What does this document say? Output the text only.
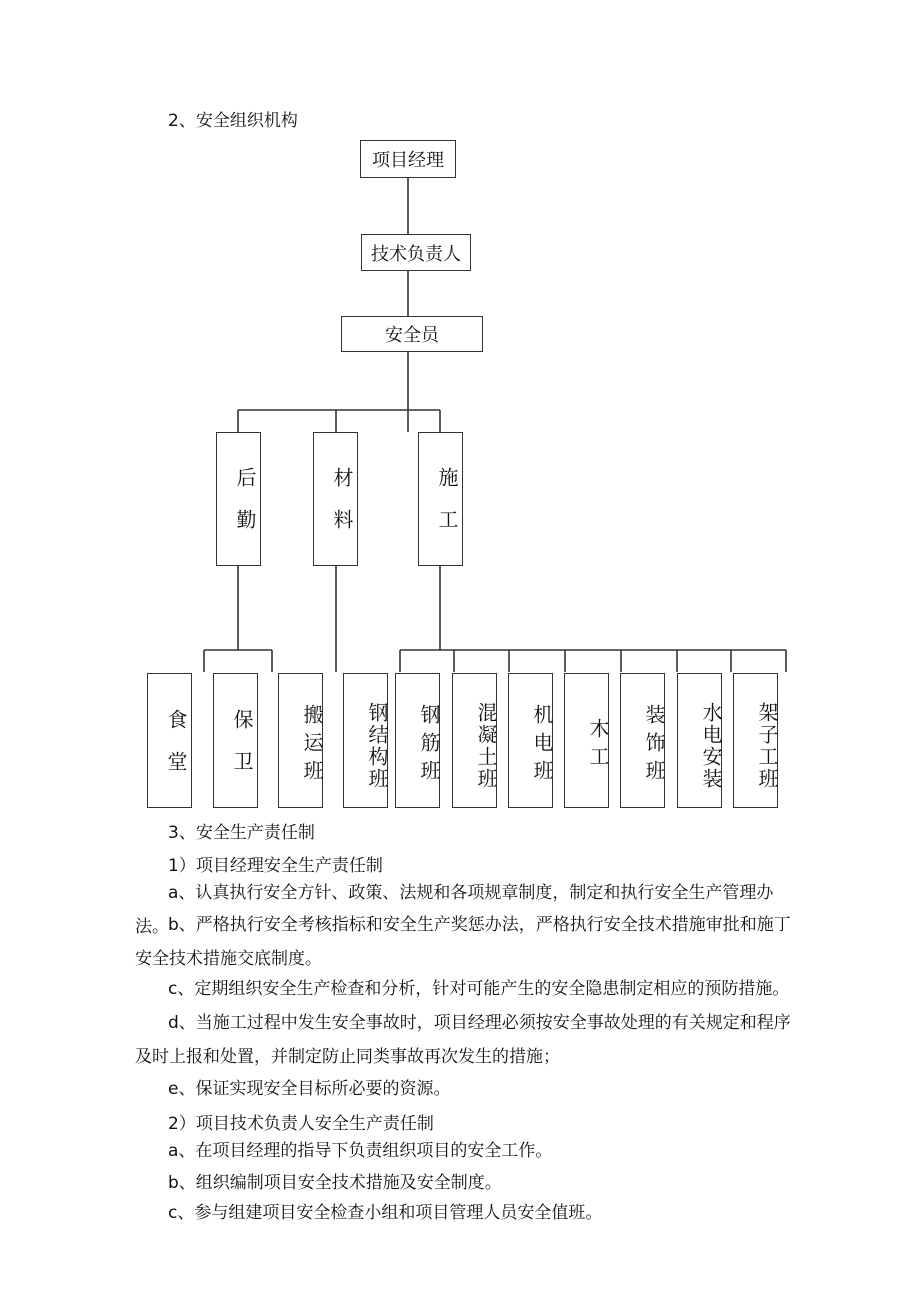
2、安全组织机构
项目经理
技术负责人
安全员
后勤	材料	施工
食堂	保卫	搬运班	钢结构班	钢筋班	混凝土班	机电班	木工	装饰班	水电安装	架子工班
3、安全生产责任制
1）项目经理安全生产责任制
a、认真执行安全方针、政策、法规和各项规章制度，制定和执行安全生产管理办法。 b、严格执行安全考核指标和安全生产奖惩办法，严格执行安全技术措施审批和施丁安全技术措施交底制度。
c、定期组织安全生产检查和分析，针对可能产生的安全隐患制定相应的预防措施。
d、当施工过程中发生安全事故时，项目经理必须按安全事故处理的有关规定和程序及时上报和处置，并制定防止同类事故再次发生的措施；
e、保证实现安全目标所必要的资源。
2）项目技术负责人安全生产责任制
a、在项目经理的指导下负责组织项目的安全工作。
b、组织编制项目安全技术措施及安全制度。
c、参与组建项目安全检查小组和项目管理人员安全值班。
